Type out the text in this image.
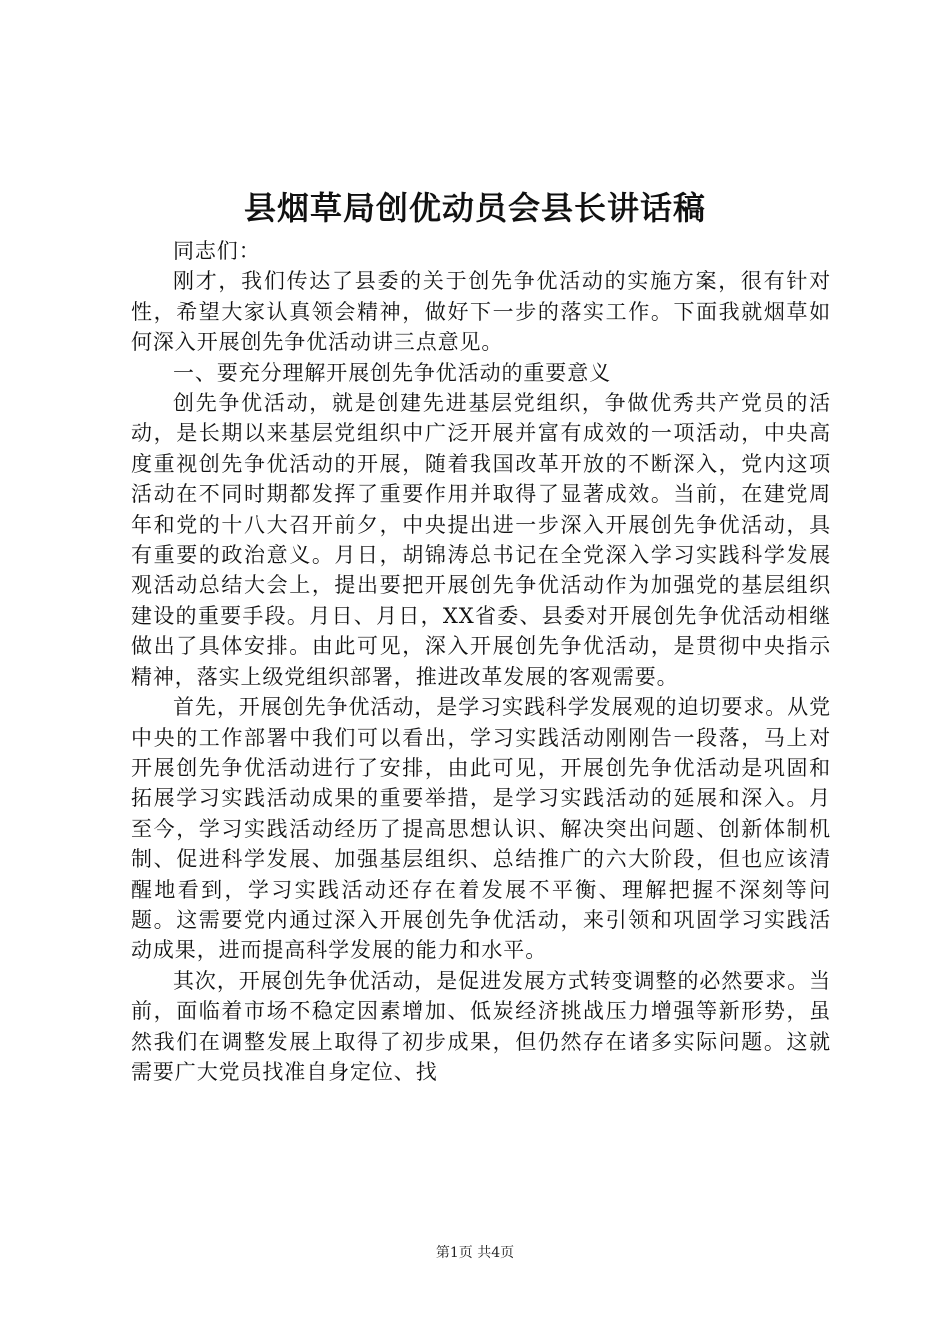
县烟草局创优动员会县长讲话稿

同志们：

刚才，我们传达了县委的关于创先争优活动的实施方案，很有针对性，希望大家认真领会精神，做好下一步的落实工作。下面我就烟草如何深入开展创先争优活动讲三点意见。

一、要充分理解开展创先争优活动的重要意义

创先争优活动，就是创建先进基层党组织，争做优秀共产党员的活动，是长期以来基层党组织中广泛开展并富有成效的一项活动，中央高度重视创先争优活动的开展，随着我国改革开放的不断深入，党内这项活动在不同时期都发挥了重要作用并取得了显著成效。当前，在建党周年和党的十八大召开前夕，中央提出进一步深入开展创先争优活动，具有重要的政治意义。月日，胡锦涛总书记在全党深入学习实践科学发展观活动总结大会上，提出要把开展创先争优活动作为加强党的基层组织建设的重要手段。月日、月日，XX省委、县委对开展创先争优活动相继做出了具体安排。由此可见，深入开展创先争优活动，是贯彻中央指示精神，落实上级党组织部署，推进改革发展的客观需要。

首先，开展创先争优活动，是学习实践科学发展观的迫切要求。从党中央的工作部署中我们可以看出，学习实践活动刚刚告一段落，马上对开展创先争优活动进行了安排，由此可见，开展创先争优活动是巩固和拓展学习实践活动成果的重要举措，是学习实践活动的延展和深入。月至今，学习实践活动经历了提高思想认识、解决突出问题、创新体制机制、促进科学发展、加强基层组织、总结推广的六大阶段，但也应该清醒地看到，学习实践活动还存在着发展不平衡、理解把握不深刻等问题。这需要党内通过深入开展创先争优活动，来引领和巩固学习实践活动成果，进而提高科学发展的能力和水平。

其次，开展创先争优活动，是促进发展方式转变调整的必然要求。当前，面临着市场不稳定因素增加、低炭经济挑战压力增强等新形势，虽然我们在调整发展上取得了初步成果，但仍然存在诸多实际问题。这就需要广大党员找准自身定位、找

第1页 共4页
